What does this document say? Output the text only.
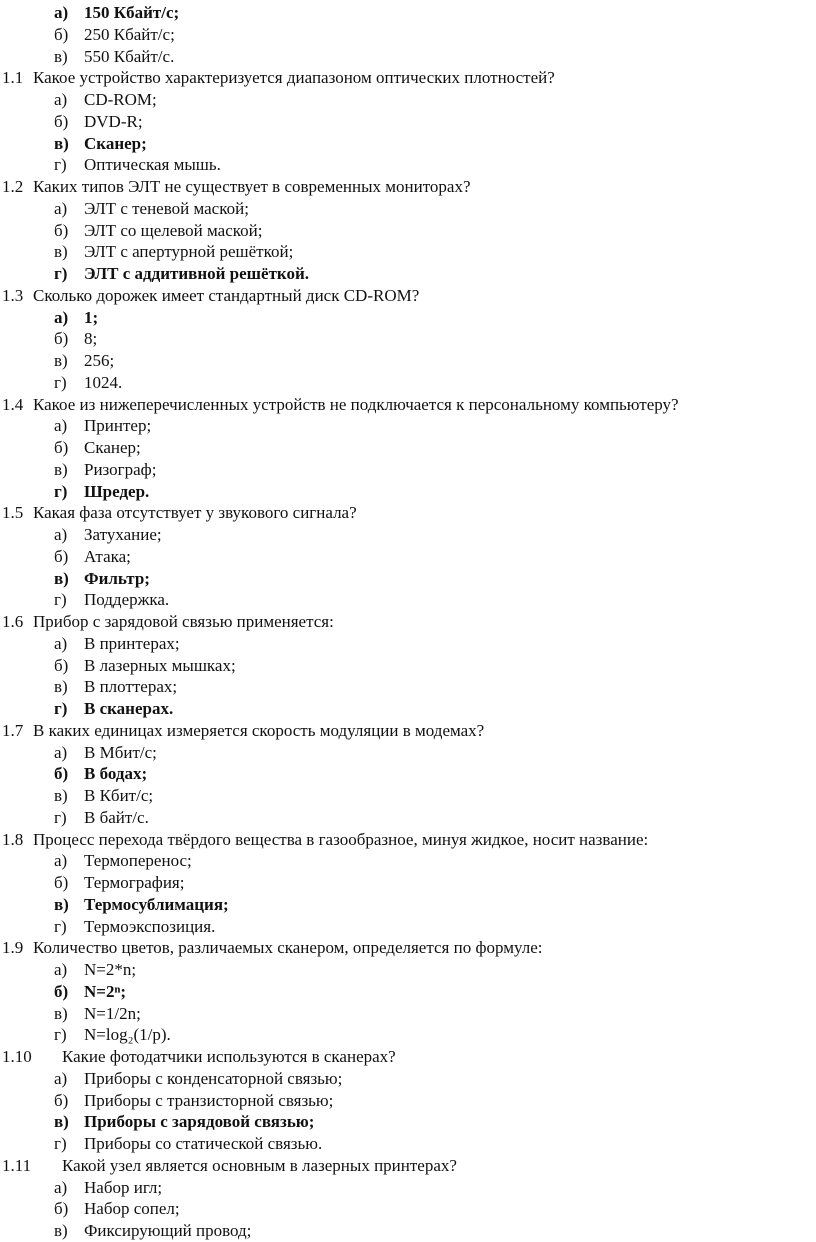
а) 150 Кбайт/с;
б) 250 Кбайт/с;
в) 550 Кбайт/с.
1.1 Какое устройство характеризуется диапазоном оптических плотностей?
а) CD-ROM;
б) DVD-R;
в) Сканер;
г) Оптическая мышь.
1.2 Каких типов ЭЛТ не существует в современных мониторах?
а) ЭЛТ с теневой маской;
б) ЭЛТ со щелевой маской;
в) ЭЛТ с апертурной решёткой;
г) ЭЛТ с аддитивной решёткой.
1.3 Сколько дорожек имеет стандартный диск CD-ROM?
а) 1;
б) 8;
в) 256;
г) 1024.
1.4 Какое из нижеперечисленных устройств не подключается к персональному компьютеру?
а) Принтер;
б) Сканер;
в) Ризограф;
г) Шредер.
1.5 Какая фаза отсутствует у звукового сигнала?
а) Затухание;
б) Атака;
в) Фильтр;
г) Поддержка.
1.6 Прибор с зарядовой связью применяется:
а) В принтерах;
б) В лазерных мышках;
в) В плоттерах;
г) В сканерах.
1.7 В каких единицах измеряется скорость модуляции в модемах?
а) В Мбит/с;
б) В бодах;
в) В Кбит/с;
г) В байт/с.
1.8 Процесс перехода твёрдого вещества в газообразное, минуя жидкое, носит название:
а) Термоперенос;
б) Термография;
в) Термосублимация;
г) Термоэкспозиция.
1.9 Количество цветов, различаемых сканером, определяется по формуле:
а) N=2*n;
б) N=2ⁿ;
в) N=1/2n;
г) N=log₂(1/p).
1.10 Какие фотодатчики используются в сканерах?
а) Приборы с конденсаторной связью;
б) Приборы с транзисторной связью;
в) Приборы с зарядовой связью;
г) Приборы со статической связью.
1.11 Какой узел является основным в лазерных принтерах?
а) Набор игл;
б) Набор сопел;
в) Фиксирующий провод;
